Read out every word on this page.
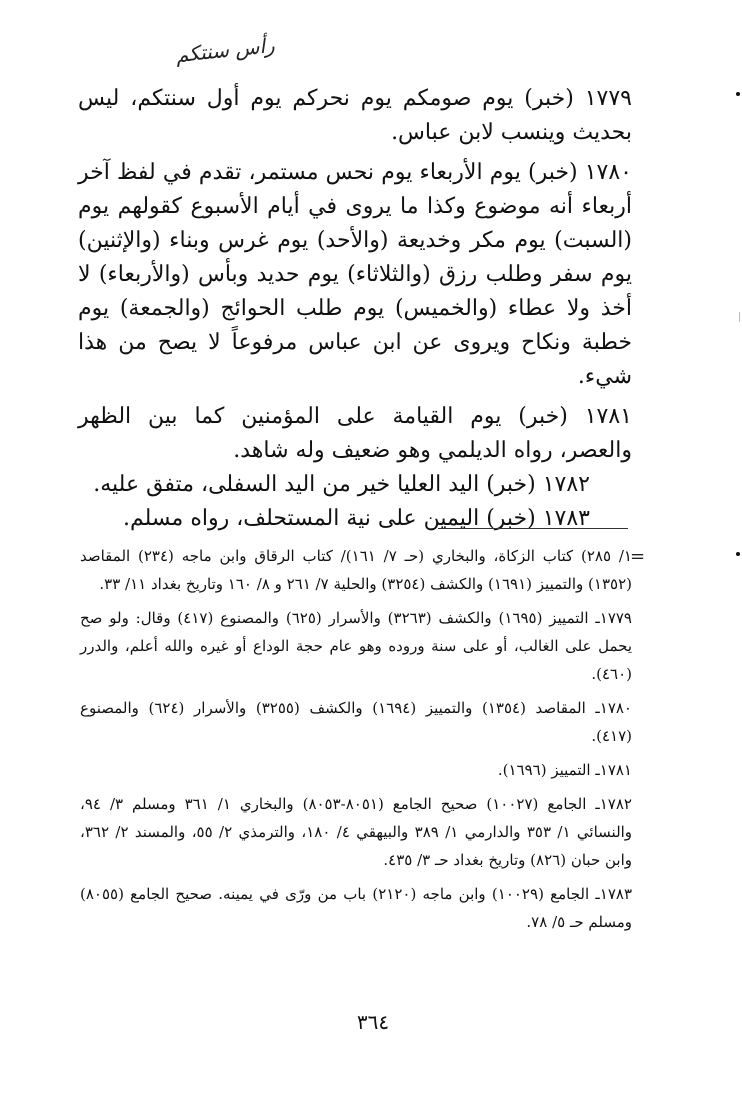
رأس سنتكم

١٧٧٩ (خبر) يوم صومكم يوم نحركم يوم أول سنتكم، ليس بحديث وينسب لابن عباس.

١٧٨٠ (خبر) يوم الأربعاء يوم نحس مستمر، تقدم في لفظ آخر أربعاء أنه موضوع وكذا ما يروى في أيام الأسبوع كقولهم يوم (السبت) يوم مكر وخديعة (والأحد) يوم غرس وبناء (والإثنين) يوم سفر وطلب رزق (والثلاثاء) يوم حديد وبأس (والأربعاء) لا أخذ ولا عطاء (والخميس) يوم طلب الحوائج (والجمعة) يوم خطبة ونكاح ويروى عن ابن عباس مرفوعاً لا يصح من هذا شيء.

١٧٨١ (خبر) يوم القيامة على المؤمنين كما بين الظهر والعصر، رواه الديلمي وهو ضعيف وله شاهد.

١٧٨٢ (خبر) اليد العليا خير من اليد السفلى، متفق عليه.

١٧٨٣ (خبر) اليمين على نية المستحلف، رواه مسلم.

=

١/ ٢٨٥) كتاب الزكاة، والبخاري (حـ ٧/ ١٦١)/ كتاب الرقاق وابن ماجه (٢٣٤) المقاصد (١٣٥٢) والتمييز (١٦٩١) والكشف (٣٢٥٤) والحلية ٧/ ٢٦١ و ٨/ ١٦٠ وتاريخ بغداد ١١/ ٣٣.

١٧٧٩ـ التمييز (١٦٩٥) والكشف (٣٢٦٣) والأسرار (٦٢٥) والمصنوع (٤١٧) وقال: ولو صح يحمل على الغالب، أو على سنة وروده وهو عام حجة الوداع أو غيره والله أعلم، والدرر (٤٦٠).

١٧٨٠ـ المقاصد (١٣٥٤) والتمييز (١٦٩٤) والكشف (٣٢٥٥) والأسرار (٦٢٤) والمصنوع (٤١٧).

١٧٨١ـ التمييز (١٦٩٦).

١٧٨٢ـ الجامع (١٠٠٢٧) صحيح الجامع (٨٠٥١-٨٠٥٣) والبخاري ١/ ٣٦١ ومسلم ٣/ ٩٤، والنسائي ١/ ٣٥٣ والدارمي ١/ ٣٨٩ والبيهقي ٤/ ١٨٠، والترمذي ٢/ ٥٥، والمسند ٢/ ٣٦٢، وابن حبان (٨٢٦) وتاريخ بغداد حـ ٣/ ٤٣٥.

١٧٨٣ـ الجامع (١٠٠٢٩) وابن ماجه (٢١٢٠) باب من ورّى في يمينه. صحيح الجامع (٨٠٥٥) ومسلم حـ ٥/ ٧٨.

٣٦٤
